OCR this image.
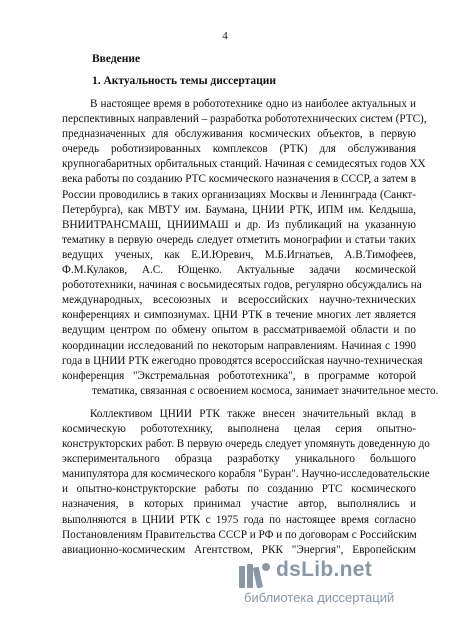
4
Введение
1. Актуальность темы диссертации
В настоящее время в робототехнике одно из наиболее актуальных и
перспективных направлений – разработка робототехнических систем (РТС),
предназначенных для обслуживания космических объектов, в первую
очередь роботизированных комплексов (РТК) для обслуживания
крупногабаритных орбитальных станций. Начиная с семидесятых годов XX
века работы по созданию РТС космического назначения в СССР, а затем в
России проводились в таких организациях Москвы и Ленинграда (Санкт-
Петербурга), как МВТУ им. Баумана, ЦНИИ РТК, ИПМ им. Келдыша,
ВНИИТРАНСМАШ, ЦНИИМАШ и др. Из публикаций на указанную
тематику в первую очередь следует отметить монографии и статьи таких
ведущих ученых, как Е.И.Юревич, М.Б.Игнатьев, А.В.Тимофеев,
Ф.М.Кулаков, А.С. Ющенко. Актуальные задачи космической
робототехники, начиная с восьмидесятых годов, регулярно обсуждались на
международных, всесоюзных и всероссийских научно-технических
конференциях и симпозиумах. ЦНИ РТК в течение многих лет является
ведущим центром по обмену опытом в рассматриваемой области и по
координации исследований по некоторым направлениям. Начиная с 1990
года в ЦНИИ РТК ежегодно проводятся всероссийская научно-техническая
конференция "Экстремальная робототехника", в программе которой
тематика, связанная с освоением космоса, занимает значительное место.
Коллективом ЦНИИ РТК также внесен значительный вклад в
космическую робототехнику, выполнена целая серия опытно-
конструкторских работ. В первую очередь следует упомянуть доведенную до
экспериментального образца разработку уникального большого
манипулятора для космического корабля "Буран". Научно-исследовательские
и опытно-конструкторские работы по созданию РТС космического
назначения, в которых принимал участие автор, выполнялись и
выполняются в ЦНИИ РТК с 1975 года по настоящее время согласно
Постановлениям Правительства СССР и РФ и по договорам с Российским
авиационно-космическим Агентством, РКК "Энергия", Европейским
dsLib.net
библиотека диссертаций
